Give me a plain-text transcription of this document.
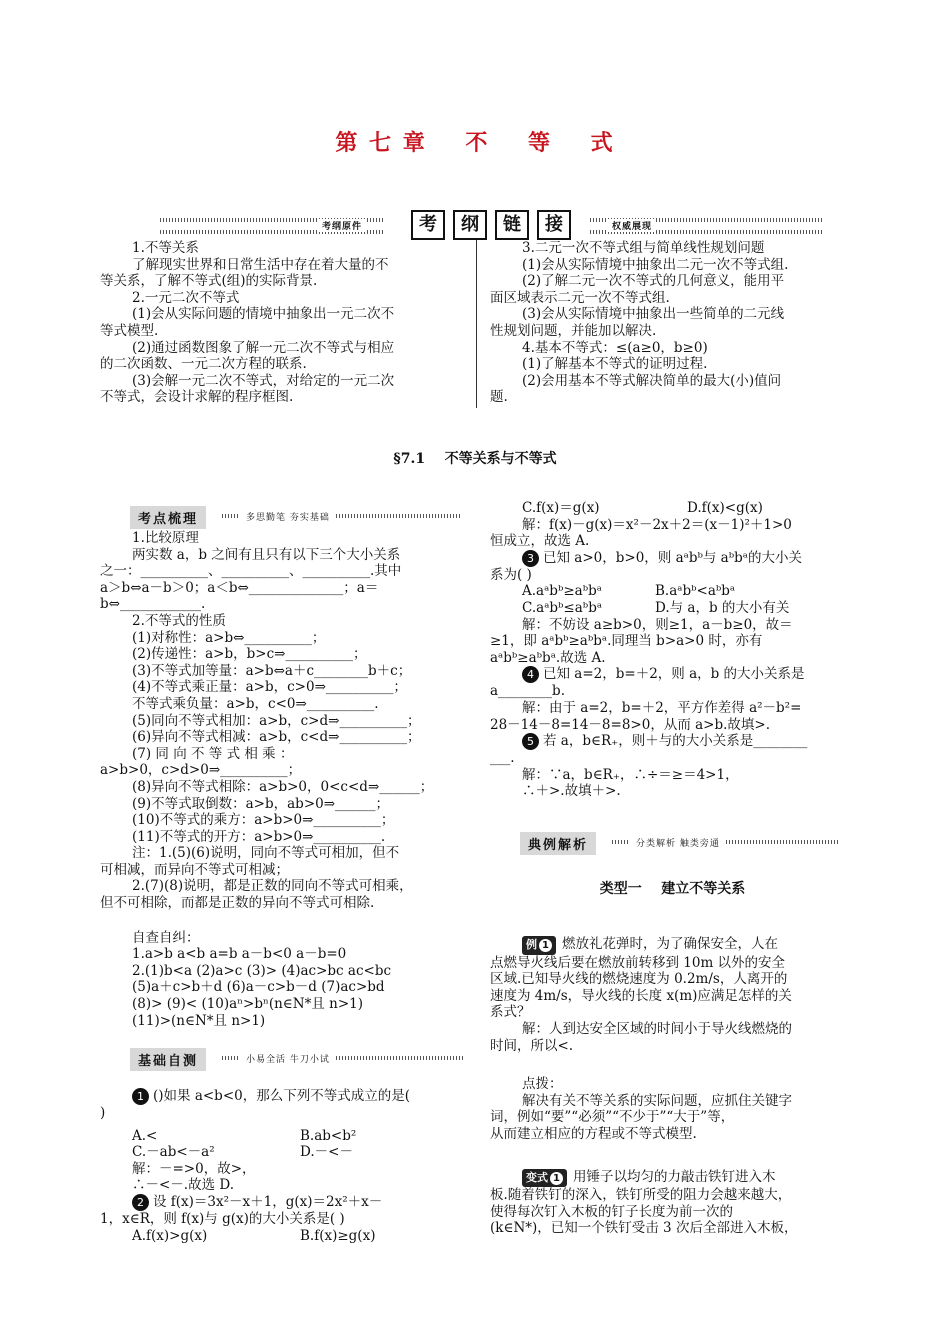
第 七 章    不    等    式
考纲原件	考	纲	链	接	权威展现
1.不等关系
了解现实世界和日常生活中存在着大量的不
等关系，了解不等式(组)的实际背景.
2.一元二次不等式
(1)会从实际问题的情境中抽象出一元二次不
等式模型.
(2)通过函数图象了解一元二次不等式与相应
的二次函数、一元二次方程的联系.
(3)会解一元二次不等式，对给定的一元二次
不等式，会设计求解的程序框图.
3.二元一次不等式组与简单线性规划问题
(1)会从实际情境中抽象出二元一次不等式组.
(2)了解二元一次不等式的几何意义，能用平
面区域表示二元一次不等式组.
(3)会从实际情境中抽象出一些简单的二元线
性规划问题，并能加以解决.
4.基本不等式：≤(a≥0，b≥0)
(1)了解基本不等式的证明过程.
(2)会用基本不等式解决简单的最大(小)值问
题.
§7.1    不等关系与不等式
考点梳理	多思勤笔 夯实基础
1.比较原理
两实数 a，b 之间有且只有以下三个大小关系
之一：__________、__________、__________.其中
a＞b⇔a－b＞0；a＜b⇔______________；a＝
b⇔____________.
2.不等式的性质
(1)对称性：a>b⇔__________；
(2)传递性：a>b，b>c⇒__________；
(3)不等式加等量：a>b⇔a＋c________b＋c；
(4)不等式乘正量：a>b，c>0⇒__________；
不等式乘负量：a>b，c<0⇒__________.
(5)同向不等式相加：a>b，c>d⇒__________；
(6)异向不等式相减：a>b，c<d⇒__________；
(7) 同 向 不 等 式 相 乘 ：
a>b>0，c>d>0⇒__________；
(8)异向不等式相除：a>b>0，0<c<d⇒______；
(9)不等式取倒数：a>b，ab>0⇒______；
(10)不等式的乘方：a>b>0⇒__________；
(11)不等式的开方：a>b>0⇒__________.
注：1.(5)(6)说明，同向不等式可相加，但不
可相减，而异向不等式可相减；
2.(7)(8)说明，都是正数的同向不等式可相乘，
但不可相除，而都是正数的异向不等式可相除.
自查自纠：
1.a>b a<b a=b a－b<0 a－b=0
2.(1)b<a (2)a>c (3)> (4)ac>bc ac<bc
(5)a＋c>b＋d (6)a－c>b－d (7)ac>bd
(8)> (9)< (10)aⁿ>bⁿ(n∈N*且 n>1)
(11)>(n∈N*且 n>1)
基础自测	小易全活 牛刀小试
1 ()如果 a<b<0，那么下列不等式成立的是(
)
A.<	B.ab<b²
C.－ab<－a²	D.－<－
解：－=>0，故>，
∴－<－.故选 D.
2 设 f(x)＝3x²－x＋1，g(x)＝2x²＋x－
1，x∈R，则 f(x)与 g(x)的大小关系是( )
A.f(x)>g(x)	B.f(x)≥g(x)
C.f(x)＝g(x)	D.f(x)<g(x)
解：f(x)－g(x)＝x²－2x＋2＝(x－1)²＋1>0
恒成立，故选 A.
3 已知 a>0，b>0，则 aᵃbᵇ与 aᵇbᵃ的大小关
系为( )
A.aᵃbᵇ≥aᵇbᵃ	B.aᵃbᵇ<aᵇbᵃ
C.aᵃbᵇ≤aᵇbᵃ	D.与 a，b 的大小有关
解：不妨设 a≥b>0，则≥1，a－b≥0，故＝
≥1，即 aᵃbᵇ≥aᵇbᵃ.同理当 b>a>0 时，亦有
aᵃbᵇ≥aᵇbᵃ.故选 A.
4 已知 a=2，b=＋2，则 a，b 的大小关系是
a________b.
解：由于 a=2，b=＋2，平方作差得 a²－b²=
28－14－8=14－8=8>0，从而 a>b.故填>.
5 若 a，b∈R₊，则＋与的大小关系是________
___.
解：∵a，b∈R₊，∴÷＝≥＝4>1，
∴＋>.故填＋>.
典例解析	分类解析 触类旁通
类型一    建立不等关系
例 1 燃放礼花弹时，为了确保安全，人在
点燃导火线后要在燃放前转移到 10m 以外的安全
区域.已知导火线的燃烧速度为 0.2m/s，人离开的
速度为 4m/s，导火线的长度 x(m)应满足怎样的关
系式？
解：人到达安全区域的时间小于导火线燃烧的
时间，所以<.
点拨：
解决有关不等关系的实际问题，应抓住关键字
词，例如“要”“必须”“不少于”“大于”等，
从而建立相应的方程或不等式模型.
变式 1 用锤子以均匀的力敲击铁钉进入木
板.随着铁钉的深入，铁钉所受的阻力会越来越大，
使得每次钉入木板的钉子长度为前一次的
(k∈N*)，已知一个铁钉受击 3 次后全部进入木板，
